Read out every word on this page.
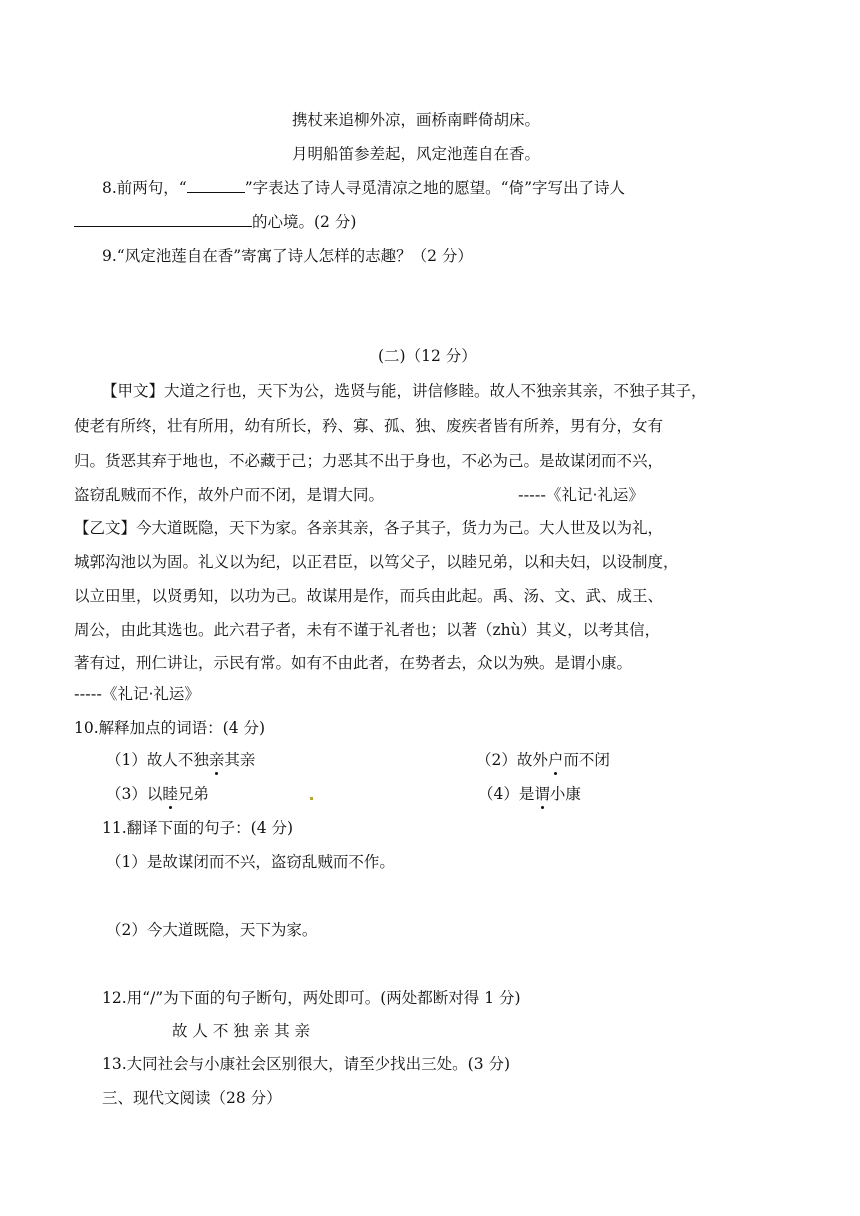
携杖来追柳外凉，画桥南畔倚胡床。
月明船笛参差起，风定池莲自在香。
8.前两句，“	”字表达了诗人寻觅清凉之地的愿望。“倚”字写出了诗人
的心境。(2 分)
9.“风定池莲自在香”寄寓了诗人怎样的志趣？（2 分）
(二)（12 分）
【甲文】大道之行也，天下为公，选贤与能，讲信修睦。故人不独亲其亲，不独子其子，
使老有所终，壮有所用，幼有所长，矜、寡、孤、独、废疾者皆有所养，男有分，女有
归。货恶其弃于地也，不必藏于己；力恶其不出于身也，不必为己。是故谋闭而不兴，
盗窃乱贼而不作，故外户而不闭，是谓大同。	-----《礼记·礼运》
【乙文】今大道既隐，天下为家。各亲其亲，各子其子，货力为己。大人世及以为礼，
城郭沟池以为固。礼义以为纪，以正君臣，以笃父子，以睦兄弟，以和夫妇，以设制度，
以立田里，以贤勇知，以功为己。故谋用是作，而兵由此起。禹、汤、文、武、成王、
周公，由此其选也。此六君子者，未有不谨于礼者也；以著（zhù）其义，以考其信，
著有过，刑仁讲让，示民有常。如有不由此者，在势者去，众以为殃。是谓小康。
-----《礼记·礼运》
10.解释加点的词语：(4 分)
（1）故人不独亲其亲	（2）故外户而不闭
（3）以睦兄弟	（4）是谓小康
11.翻译下面的句子：(4 分)
（1）是故谋闭而不兴，盗窃乱贼而不作。
（2）今大道既隐，天下为家。
12.用“/”为下面的句子断句，两处即可。(两处都断对得 1 分)
故 人 不 独 亲 其 亲
13.大同社会与小康社会区别很大，请至少找出三处。(3 分)
三、现代文阅读（28 分）
